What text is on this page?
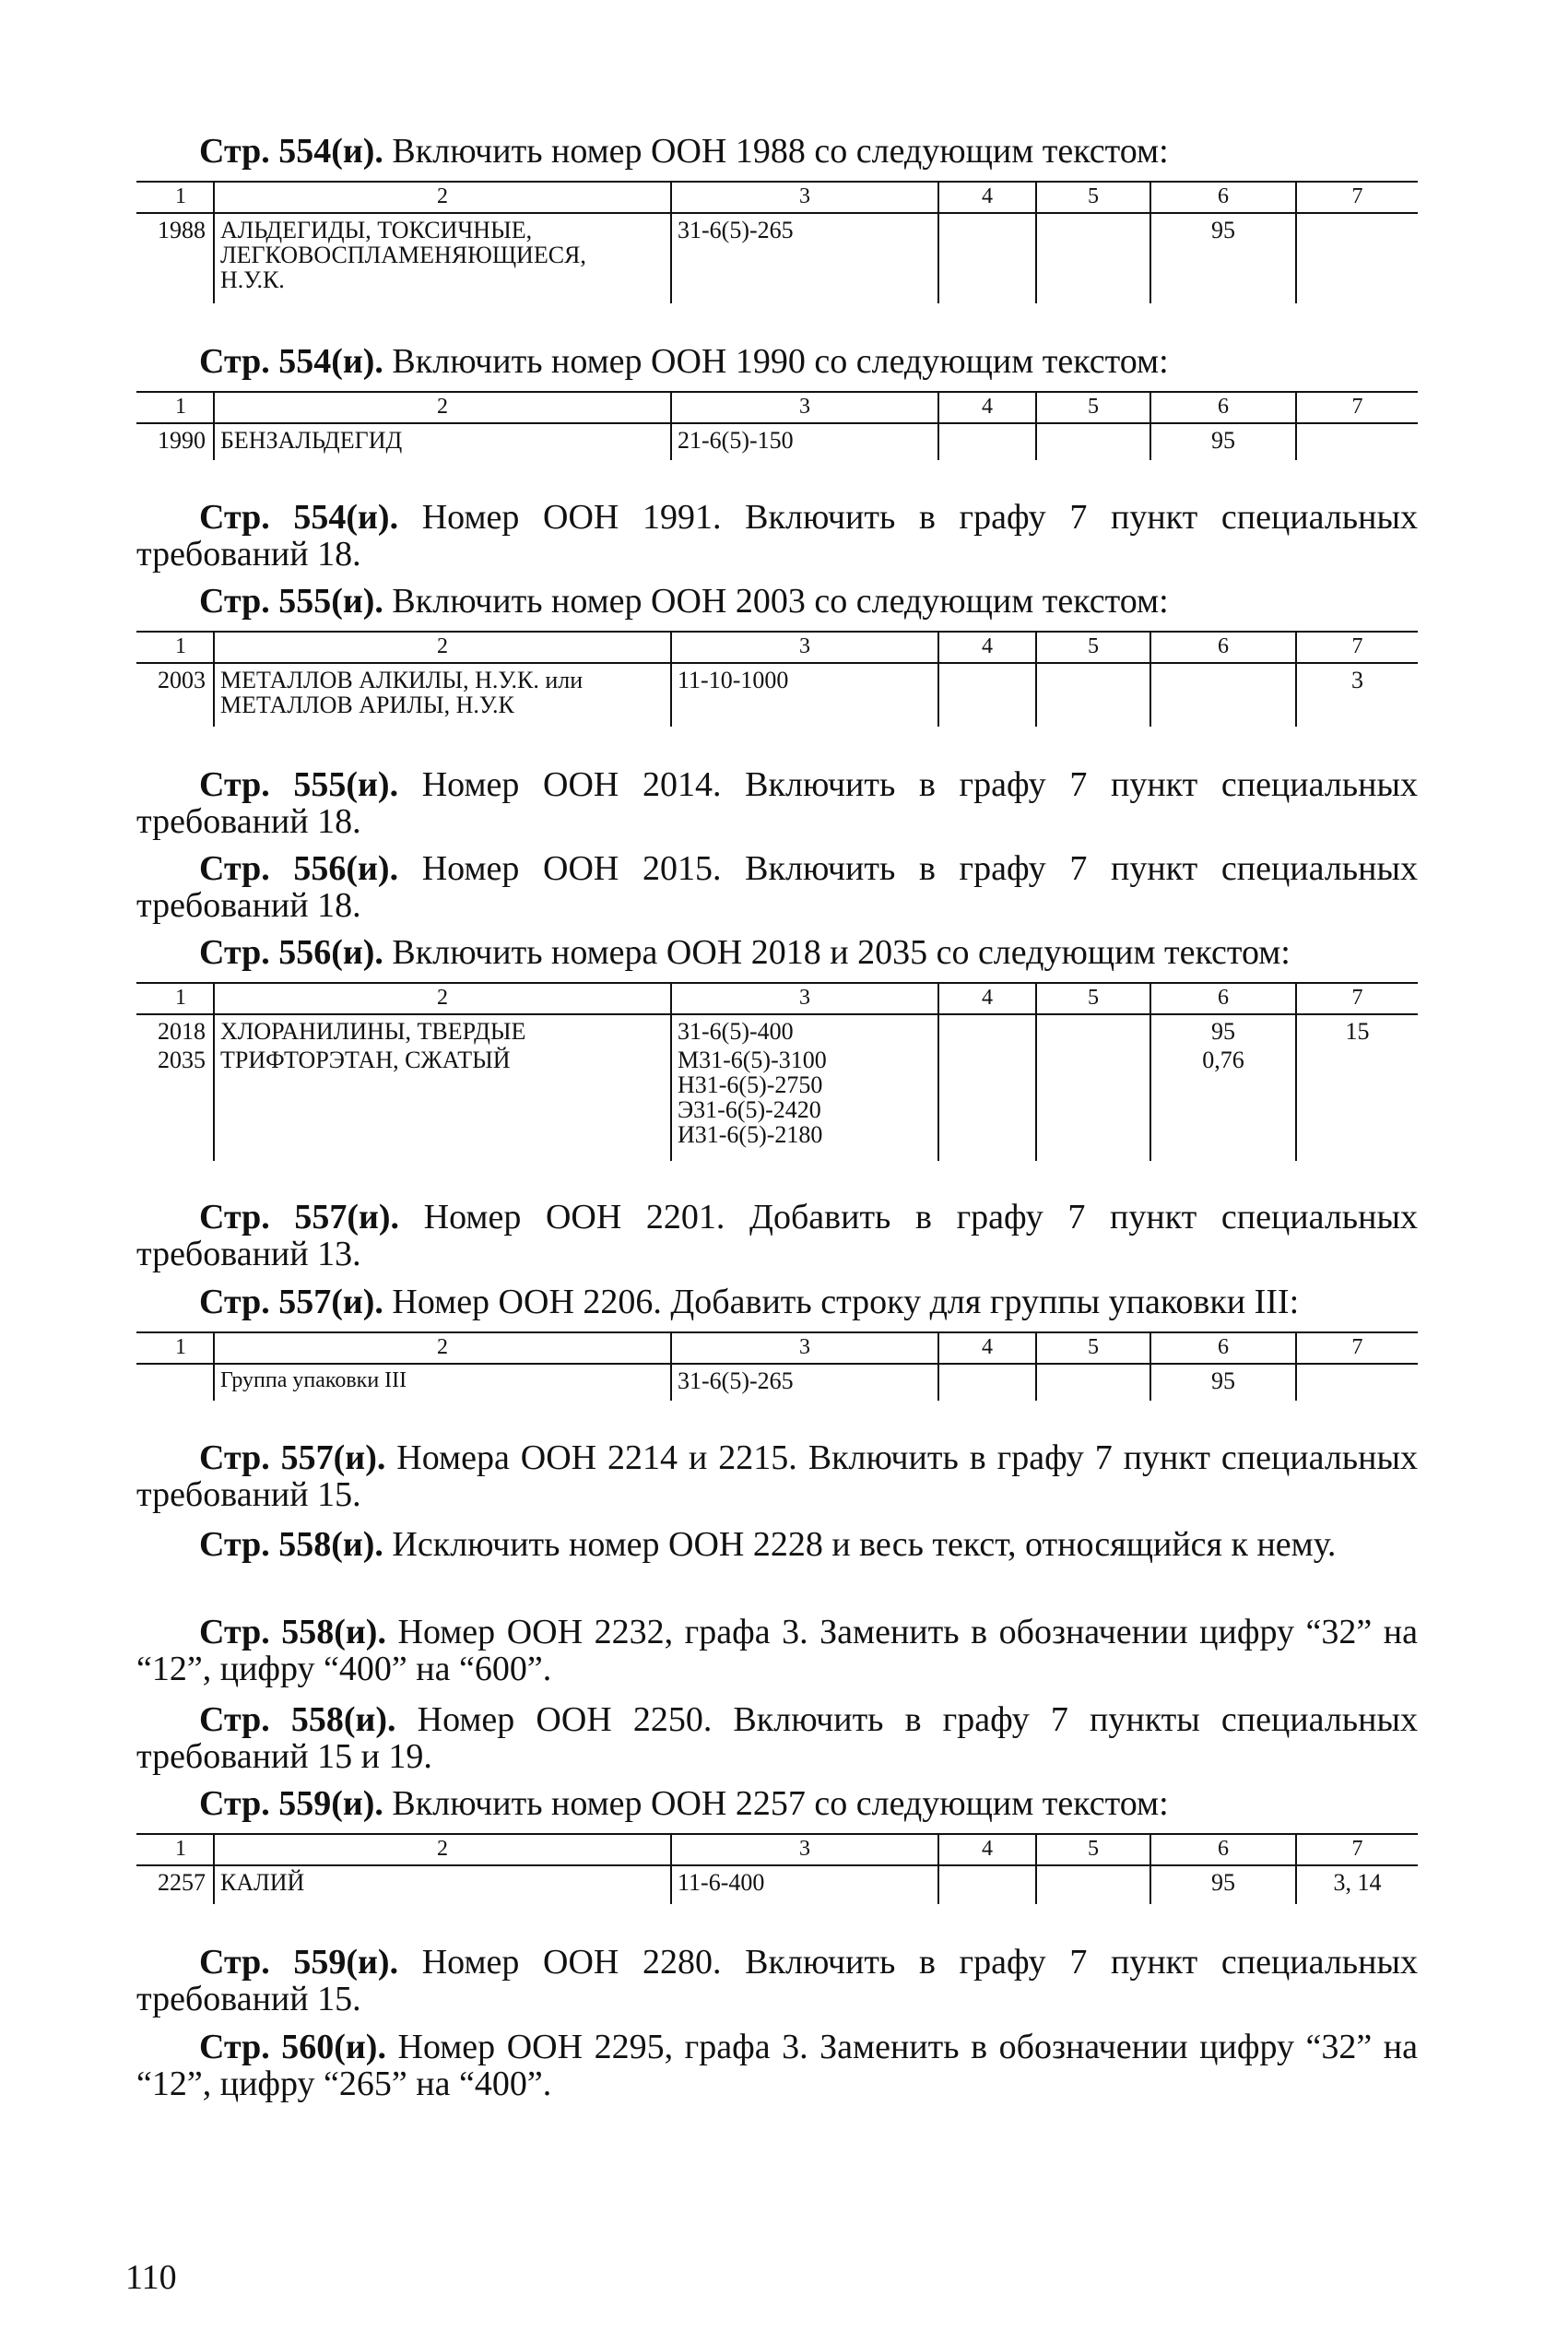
Стр. 554(и). Включить номер ООН 1988 со следующим текстом:
1	2	3	4	5	6	7
1988	АЛЬДЕГИДЫ, ТОКСИЧНЫЕ,
ЛЕГКОВОСПЛАМЕНЯЮЩИЕСЯ,
Н.У.К.	31-6(5)-265			95	
Стр. 554(и). Включить номер ООН 1990 со следующим текстом:
1	2	3	4	5	6	7
1990	БЕНЗАЛЬДЕГИД	21-6(5)-150			95	
Стр. 554(и). Номер ООН 1991. Включить в графу 7 пункт специальных требований 18.
Стр. 555(и). Включить номер ООН 2003 со следующим текстом:
1	2	3	4	5	6	7
2003	МЕТАЛЛОВ АЛКИЛЫ, Н.У.К. или
МЕТАЛЛОВ АРИЛЫ, Н.У.К	11-10-1000				3
Стр. 555(и). Номер ООН 2014. Включить в графу 7 пункт специальных требований 18.
Стр. 556(и). Номер ООН 2015. Включить в графу 7 пункт специальных требований 18.
Стр. 556(и). Включить номера ООН 2018 и 2035 со следующим текстом:
1	2	3	4	5	6	7
2018	ХЛОРАНИЛИНЫ, ТВЕРДЫЕ	31-6(5)-400			95	15
2035	ТРИФТОРЭТАН, СЖАТЫЙ	М31-6(5)-3100
Н31-6(5)-2750
Э31-6(5)-2420
И31-6(5)-2180			0,76	
Стр. 557(и). Номер ООН 2201. Добавить в графу 7 пункт специальных требований 13.
Стр. 557(и). Номер ООН 2206. Добавить строку для группы упаковки III:
1	2	3	4	5	6	7
	Группа упаковки III	31-6(5)-265			95	
Стр. 557(и). Номера ООН 2214 и 2215. Включить в графу 7 пункт специальных требований 15.
Стр. 558(и). Исключить номер ООН 2228 и весь текст, относящийся к нему.
Стр. 558(и). Номер ООН 2232, графа 3. Заменить в обозначении цифру “32” на “12”, цифру “400” на “600”.
Стр. 558(и). Номер ООН 2250. Включить в графу 7 пункты специальных требований 15 и 19.
Стр. 559(и). Включить номер ООН 2257 со следующим текстом:
1	2	3	4	5	6	7
2257	КАЛИЙ	11-6-400			95	3, 14
Стр. 559(и). Номер ООН 2280. Включить в графу 7 пункт специальных требований 15.
Стр. 560(и). Номер ООН 2295, графа 3. Заменить в обозначении цифру “32” на “12”, цифру “265” на “400”.
110
